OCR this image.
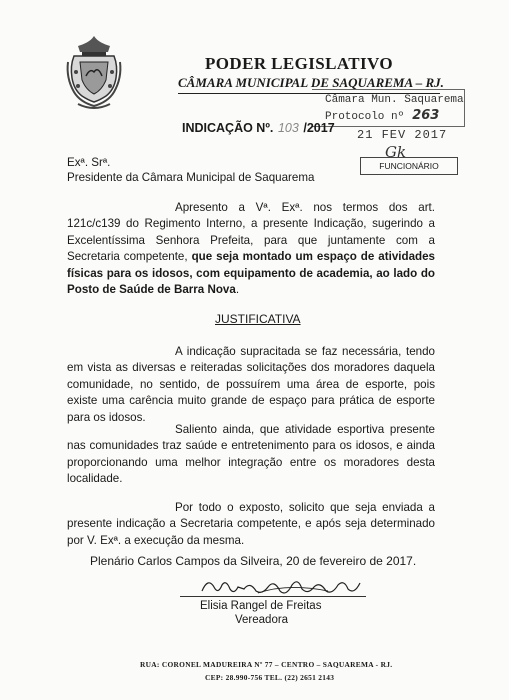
PODER LEGISLATIVO
CÂMARA MUNICIPAL DE SAQUAREMA – RJ.
Câmara Mun. Saquarema
Protocolo nº 263
21 FEV 2017
Gk
FUNCIONÁRIO
INDICAÇÃO Nº. 103 /2017
Exª. Srª.
Presidente da Câmara Municipal de Saquarema
Apresento a Vª. Exª. nos termos dos art. 121c/c139 do Regimento Interno, a presente Indicação, sugerindo a Excelentíssima Senhora Prefeita, para que juntamente com a Secretaria competente, que seja montado um espaço de atividades físicas para os idosos, com equipamento de academia, ao lado do Posto de Saúde de Barra Nova.
JUSTIFICATIVA
A indicação supracitada se faz necessária, tendo em vista as diversas e reiteradas solicitações dos moradores daquela comunidade, no sentido, de possuírem uma área de esporte, pois existe uma carência muito grande de espaço para prática de esporte para os idosos.
Saliento ainda, que atividade esportiva presente nas comunidades traz saúde e entretenimento para os idosos, e ainda proporcionando uma melhor integração entre os moradores desta localidade.
Por todo o exposto, solicito que seja enviada a presente indicação a Secretaria competente, e após seja determinado por V. Exª. a execução da mesma.
Plenário Carlos Campos da Silveira, 20 de fevereiro de 2017.
Elisia Rangel de Freitas
Vereadora
RUA: CORONEL MADUREIRA Nº 77 – CENTRO – SAQUAREMA - RJ.
CEP: 28.990-756 TEL. (22) 2651 2143
